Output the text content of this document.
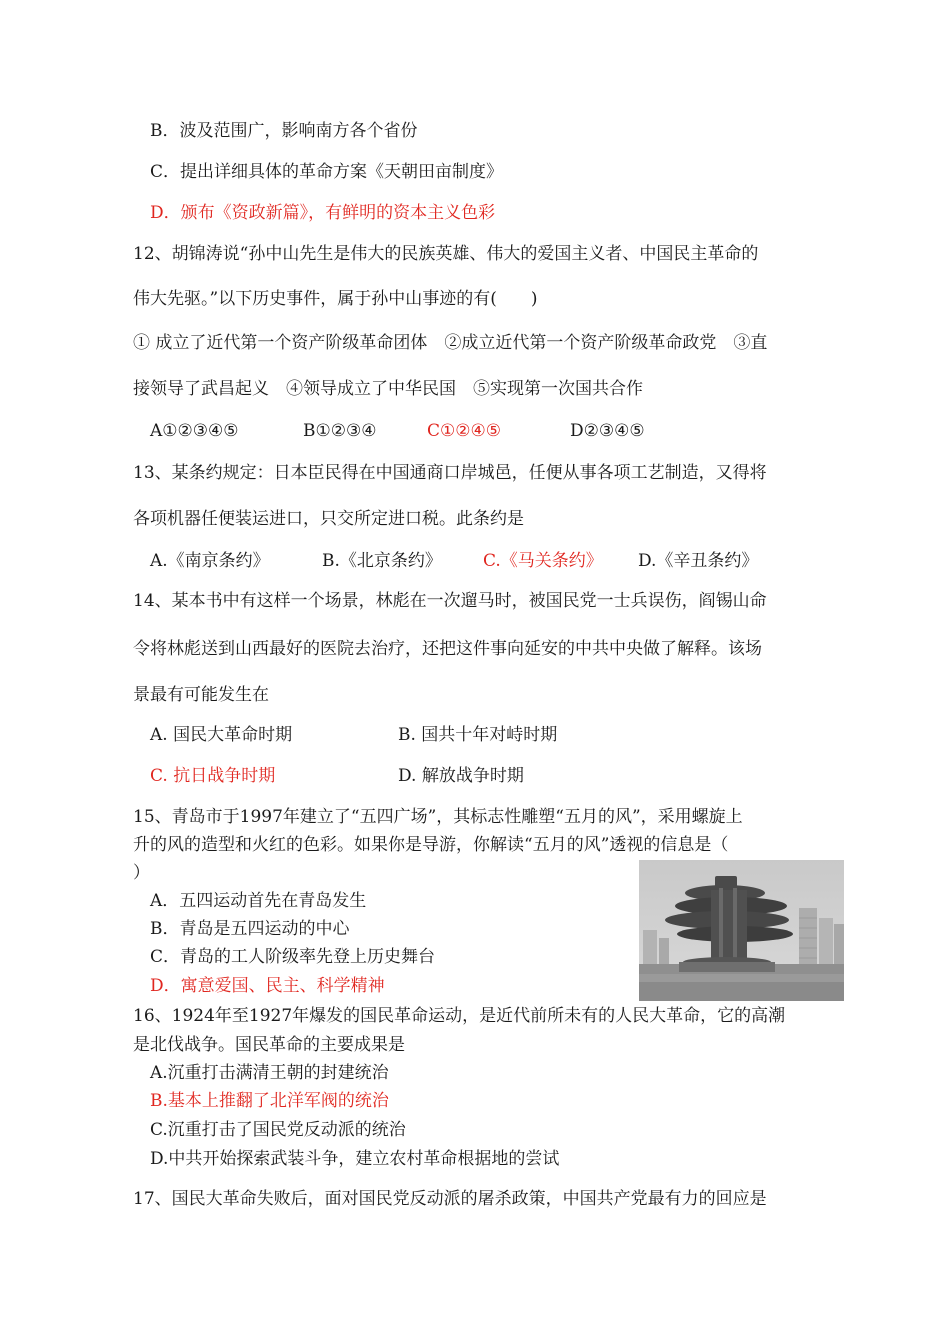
B．波及范围广，影响南方各个省份
C．提出详细具体的革命方案《天朝田亩制度》
D．颁布《资政新篇》，有鲜明的资本主义色彩
12、胡锦涛说“孙中山先生是伟大的民族英雄、伟大的爱国主义者、中国民主革命的
伟大先驱。”以下历史事件，属于孙中山事迹的有(　　)
① 成立了近代第一个资产阶级革命团体　②成立近代第一个资产阶级革命政党　③直
接领导了武昌起义　④领导成立了中华民国　⑤实现第一次国共合作
A①②③④⑤	B①②③④	C①②④⑤	D②③④⑤
13、某条约规定：日本臣民得在中国通商口岸城邑，任便从事各项工艺制造，又得将
各项机器任便装运进口，只交所定进口税。此条约是
A.《南京条约》	B.《北京条约》 C.《马关条约》 D.《辛丑条约》
14、某本书中有这样一个场景，林彪在一次遛马时，被国民党一士兵误伤，阎锡山命
令将林彪送到山西最好的医院去治疗，还把这件事向延安的中共中央做了解释。该场
景最有可能发生在
A. 国民大革命时期	B. 国共十年对峙时期
C. 抗日战争时期	D. 解放战争时期
15、青岛市于1997年建立了“五四广场”，其标志性雕塑“五月的风”，采用螺旋上
升的风的造型和火红的色彩。如果你是导游，你解读“五月的风”透视的信息是（
）
A．五四运动首先在青岛发生
B．青岛是五四运动的中心
C．青岛的工人阶级率先登上历史舞台
D．寓意爱国、民主、科学精神
16、1924年至1927年爆发的国民革命运动，是近代前所未有的人民大革命，它的高潮
是北伐战争。国民革命的主要成果是
A.沉重打击满清王朝的封建统治
B.基本上推翻了北洋军阀的统治
C.沉重打击了国民党反动派的统治
D.中共开始探索武装斗争，建立农村革命根据地的尝试
17、国民大革命失败后，面对国民党反动派的屠杀政策，中国共产党最有力的回应是
